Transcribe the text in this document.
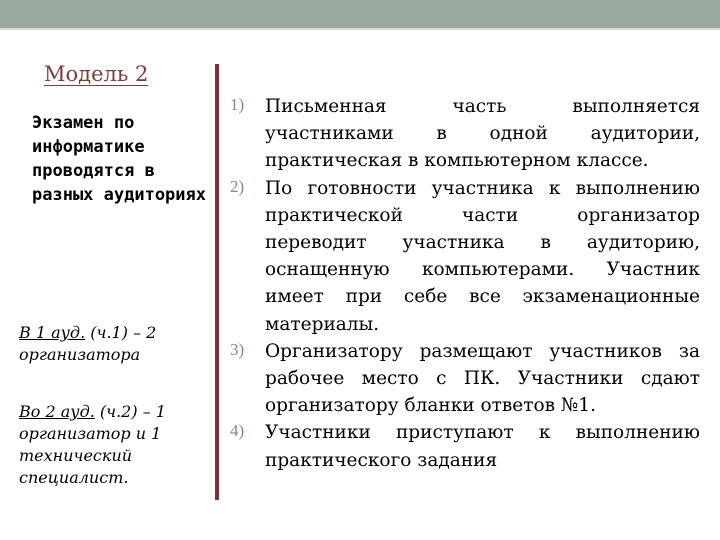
Модель 2
Экзамен по информатике проводятся в разных аудиториях
В 1 ауд. (ч.1) – 2 организатора
Во 2 ауд. (ч.2) – 1 организатор и 1 технический специалист.
1) Письменная часть выполняется участниками в одной аудитории, практическая в компьютерном классе.
2) По готовности участника к выполнению практической части организатор переводит участника в аудиторию, оснащенную компьютерами. Участник имеет при себе все экзаменационные материалы.
3) Организатору размещают участников за рабочее место с ПК. Участники сдают организатору бланки ответов №1.
4) Участники приступают к выполнению практического задания
